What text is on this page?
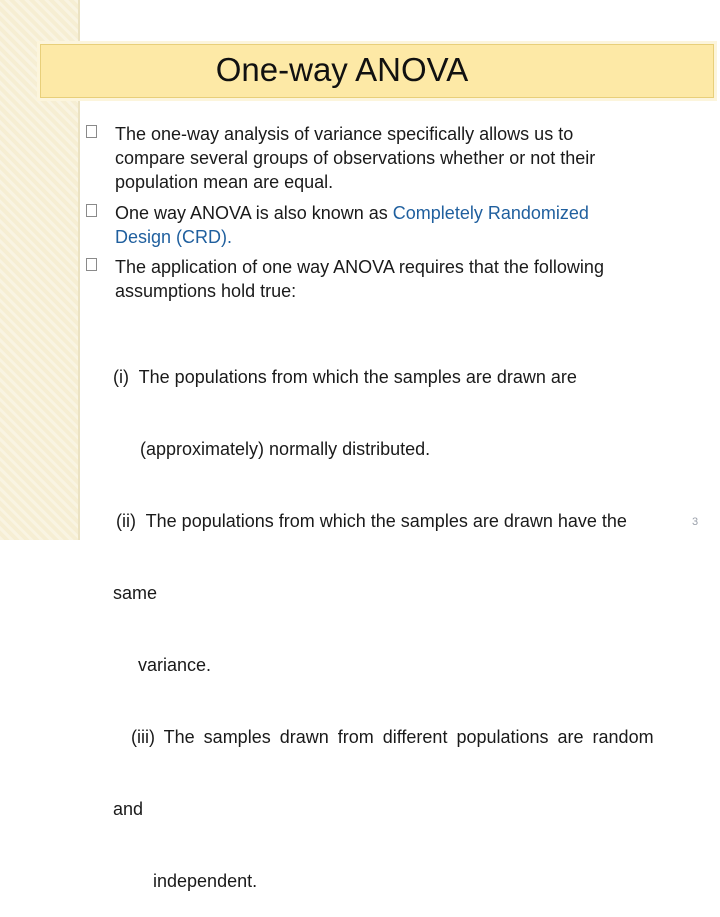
One-way ANOVA
The one-way analysis of variance specifically allows us to
compare several groups of observations whether or not their
population mean are equal.
One way ANOVA is also known as Completely Randomized
Design (CRD).
The application of one way ANOVA requires that the following
assumptions hold true:

(i)  The populations from which the samples are drawn are

(approximately) normally distributed.

(ii)  The populations from which the samples are drawn have the

same

variance.

(iii) The samples drawn from different populations are random

and

independent.

3
